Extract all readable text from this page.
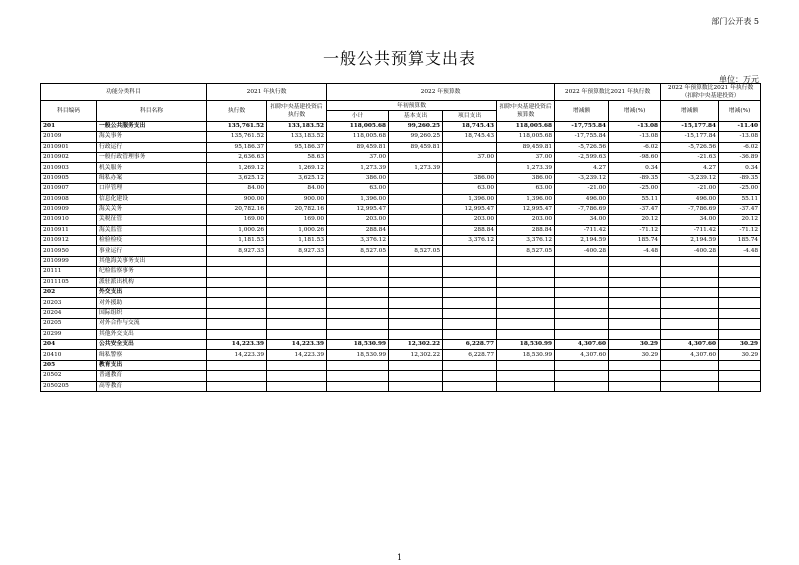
部门公开表 5
一般公共预算支出表
单位：万元
功能分类科目		2021 年执行数		2022 年预算数				2022 年预算数比2021 年执行数		2022 年预算数比2021 年执行数（扣除中央基建投资）	
科目编码	科目名称	执行数	扣除中央基建投资后执行数	年初预算数			扣除中央基建投资后预算数	增减额	增减(%)	增减额	增减(%)
				小计	基本支出	项目支出					
201	一般公共服务支出	135,761.52	133,183.52	118,005.68	99,260.25	18,745.43	118,005.68	-17,755.84	-13.08	-15,177.84	-11.40
20109	海关事务	135,761.52	133,183.52	118,005.68	99,260.25	18,745.43	118,005.68	-17,755.84	-13.08	-15,177.84	-13.08
2010901	行政运行	95,186.37	95,186.37	89,459.81	89,459.81		89,459.81	-5,726.56	-6.02	-5,726.56	-6.02
2010902	一般行政管理事务	2,636.63	58.63	37.00		37.00	37.00	-2,599.63	-98.60	-21.63	-36.89
2010903	机关服务	1,269.12	1,269.12	1,273.39	1,273.39		1,273.39	4.27	0.34	4.27	0.34
2010905	缉私办案	3,625.12	3,625.12	386.00		386.00	386.00	-3,239.12	-89.35	-3,239.12	-89.35
2010907	口岸管理	84.00	84.00	63.00		63.00	63.00	-21.00	-25.00	-21.00	-25.00
2010908	信息化建设	900.00	900.00	1,396.00		1,396.00	1,396.00	496.00	55.11	496.00	55.11
2010909	海关关务	20,782.16	20,782.16	12,995.47		12,995.47	12,995.47	-7,786.69	-37.47	-7,786.69	-37.47
2010910	关税征管	169.00	169.00	203.00		203.00	203.00	34.00	20.12	34.00	20.12
2010911	海关监管	1,000.26	1,000.26	288.84		288.84	288.84	-711.42	-71.12	-711.42	-71.12
2010912	检验检疫	1,181.53	1,181.53	3,376.12		3,376.12	3,376.12	2,194.59	185.74	2,194.59	185.74
2010950	事业运行	8,927.33	8,927.33	8,527.05	8,527.05		8,527.05	-400.28	-4.48	-400.28	-4.48
2010999	其他海关事务支出										
20111	纪检监察事务										
2011105	派驻派出机构										
202	外交支出										
20203	对外援助										
20204	国际组织										
20205	对外合作与交流										
20299	其他外交支出										
204	公共安全支出	14,223.39	14,223.39	18,530.99	12,302.22	6,228.77	18,530.99	4,307.60	30.29	4,307.60	30.29
20410	缉私警察	14,223.39	14,223.39	18,530.99	12,302.22	6,228.77	18,530.99	4,307.60	30.29	4,307.60	30.29
205	教育支出										
20502	普通教育										
2050205	高等教育										
1
